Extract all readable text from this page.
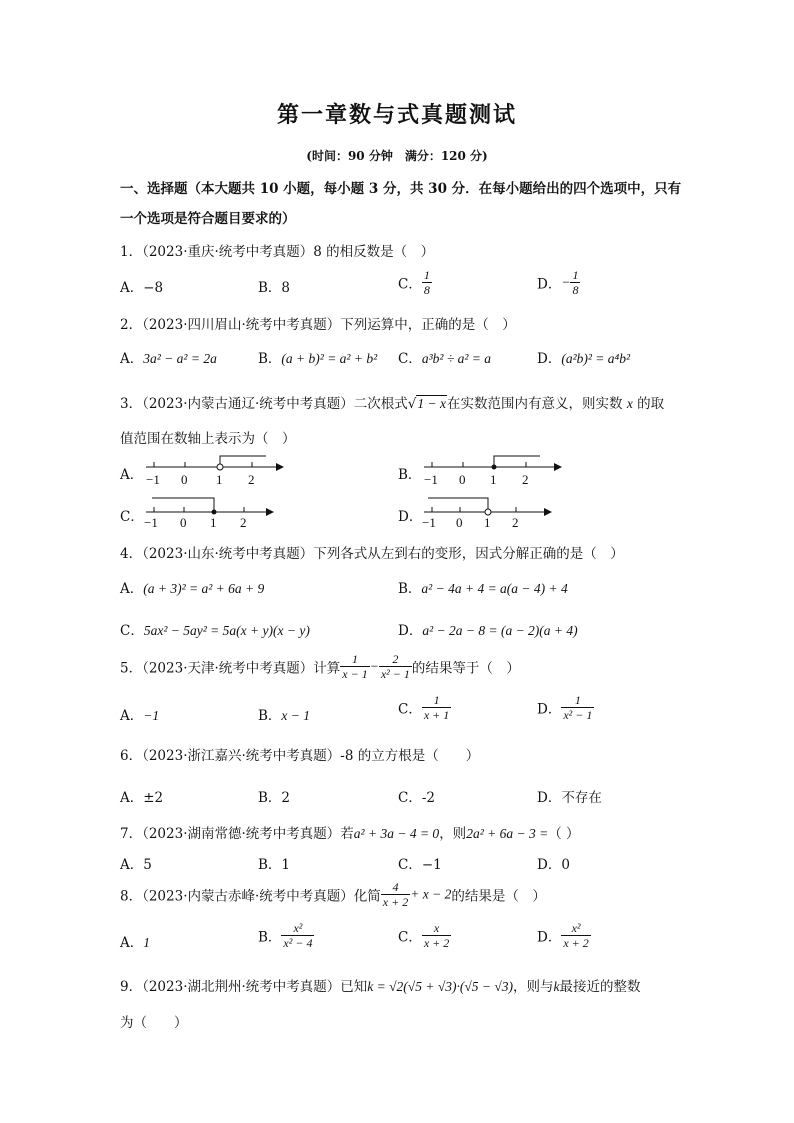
第一章数与式真题测试
(时间：90 分钟　满分：120 分)
一、选择题（本大题共 10 小题，每小题 3 分，共 30 分．在每小题给出的四个选项中，只有
一个选项是符合题目要求的）
1．（2023·重庆·统考中考真题）8 的相反数是（　）
A．−8	B．8	C． $\frac{1}{8}$	D．− $\frac{1}{8}$
2．（2023·四川眉山·统考中考真题）下列运算中，正确的是（　）
A．3a² − a² = 2a	B．(a + b)² = a² + b² C．a³b² ÷ a² = a	D．(a²b)² = a⁴b²
3．（2023·内蒙古通辽·统考中考真题）二次根式√1 − x在实数范围内有意义，则实数 x 的取
值范围在数轴上表示为（　）
A． −1 0 1 2	B． −1 0 1 2
C． −1 0 1 2	D． −1 0 1 2
4．（2023·山东·统考中考真题）下列各式从左到右的变形，因式分解正确的是（　）
A．(a + 3)² = a² + 6a + 9	B．a² − 4a + 4 = a(a − 4) + 4
C．5ax² − 5ay² = 5a(x + y)(x − y)	D．a² − 2a − 8 = (a − 2)(a + 4)
5．（2023·天津·统考中考真题）计算 $\frac{1}{x - 1} - \frac{2}{\text{x² − 1}}$ 的结果等于（　）
A．−1	B．x − 1	C． $\frac{1}{x + 1}$	D． $\frac{1}{\text{x² − 1}}$
6．（2023·浙江嘉兴·统考中考真题）-8 的立方根是（　　）
A．±2	B．2	C．-2	D．不存在
7．（2023·湖南常德·统考中考真题）若a² + 3a − 4 = 0，则2a² + 6a − 3 =（ ）
A．5	B．1	C．−1	D．0
8．（2023·内蒙古赤峰·统考中考真题）化简 $\frac{4}{x + 2} + x - 2$的结果是（　）
A．1	B． $\frac{\text{x²}}{\text{x² − 4}}$	C． $\frac{x}{x + 2}$	D． $\frac{\text{x²}}{x + 2}$
9．（2023·湖北荆州·统考中考真题）已知k = √2(√5 + √3)·(√5 − √3)，则与k最接近的整数
为（　　）
